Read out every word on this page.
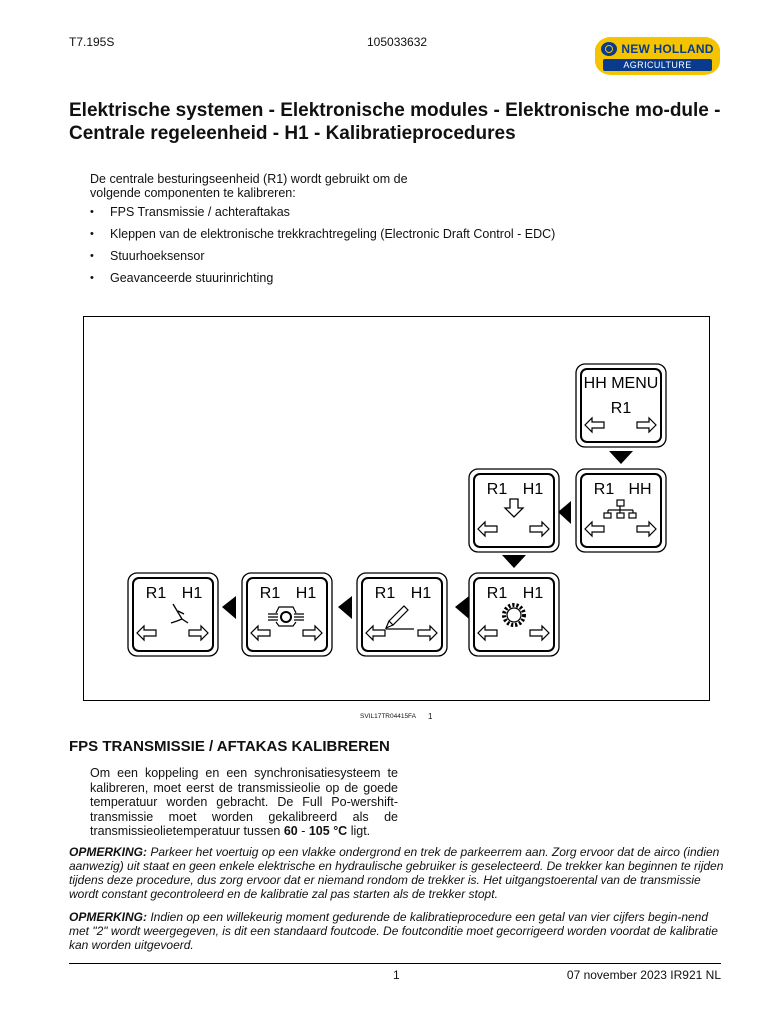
T7.195S	105033632	NEW HOLLAND
AGRICULTURE
Elektrische systemen - Elektronische modules - Elektronische mo-dule - Centrale regeleenheid - H1 - Kalibratieprocedures

De centrale besturingseenheid (R1) wordt gebruikt om de volgende componenten te kalibreren:

• FPS Transmissie / achteraftakas
• Kleppen van de elektronische trekkrachtregeling (Electronic Draft Control - EDC)
• Stuurhoeksensor
• Geavanceerde stuurinrichting
HH MENU
R1
R1 HH
R1 H1
R1 H1
R1 H1
R1 H1
R1 H1
SVIL17TR04415FA 1
FPS TRANSMISSIE / AFTAKAS KALIBREREN

Om een koppeling en een synchronisatiesysteem te kalibreren, moet eerst de transmissieolie op de goede temperatuur worden gebracht. De Full Po-wershift-transmissie moet worden gekalibreerd als de transmissieolietemperatuur tussen 60 - 105 °C ligt.

OPMERKING: Parkeer het voertuig op een vlakke ondergrond en trek de parkeerrem aan. Zorg ervoor dat de airco (indien aanwezig) uit staat en geen enkele elektrische en hydraulische gebruiker is geselecteerd. De trekker kan beginnen te rijden tijdens deze procedure, dus zorg ervoor dat er niemand rondom de trekker is. Het uitgangstoerental van de transmissie wordt constant gecontroleerd en de kalibratie zal pas starten als de trekker stopt.

OPMERKING: Indien op een willekeurig moment gedurende de kalibratieprocedure een getal van vier cijfers begin-nend met "2" wordt weergegeven, is dit een standaard foutcode. De foutconditie moet gecorrigeerd worden voordat de kalibratie kan worden uitgevoerd.

1	07 november 2023 IR921 NL
